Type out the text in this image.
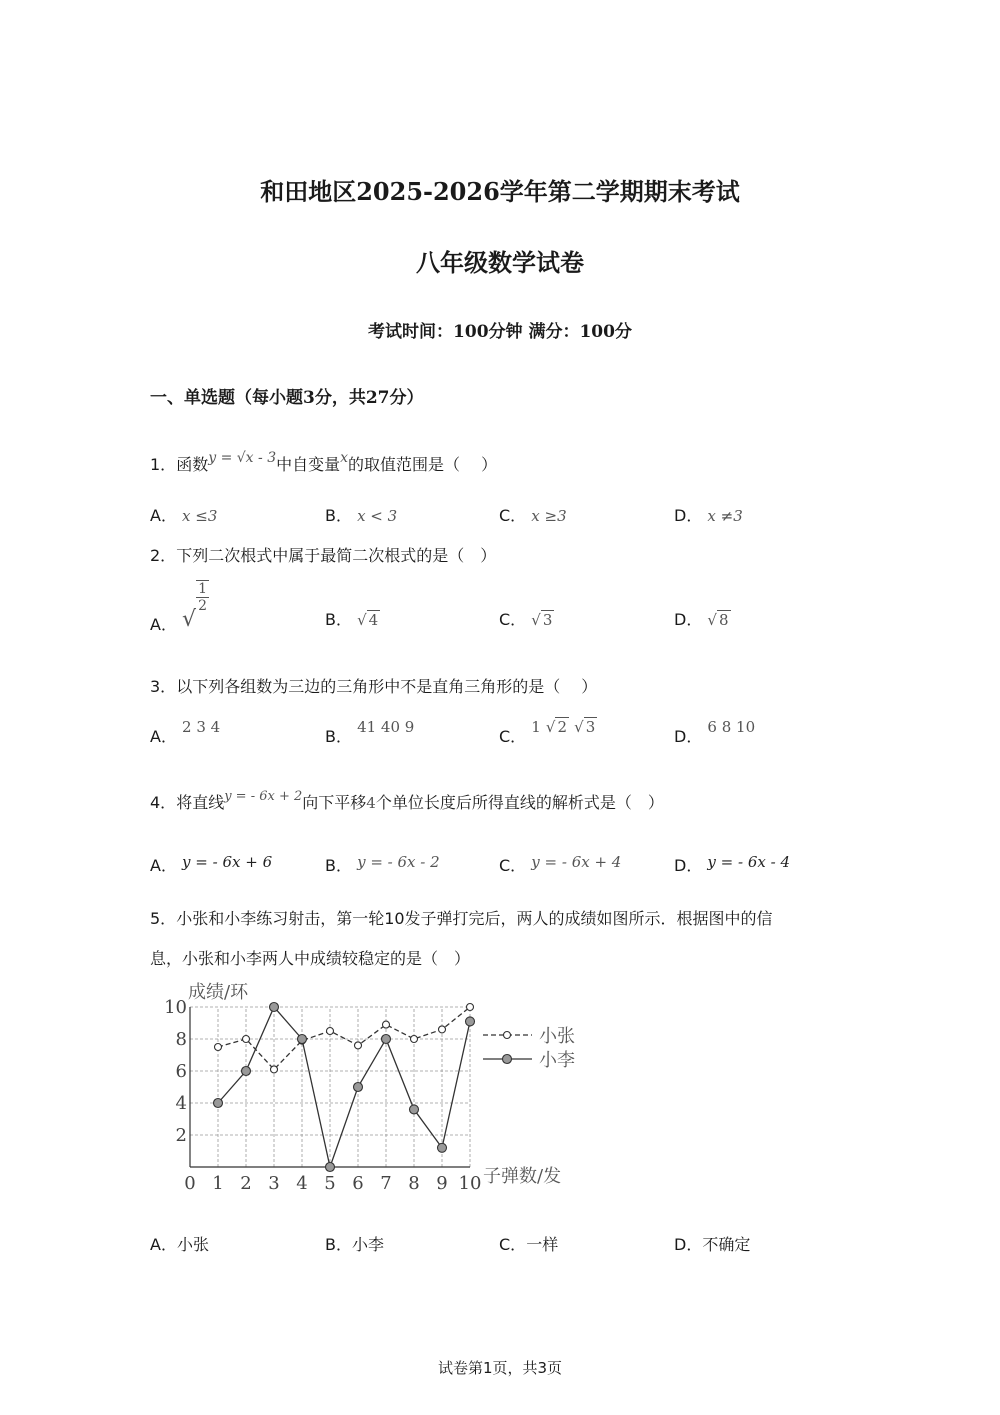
和田地区2025-2026学年第二学期期末考试
八年级数学试卷
考试时间：100分钟 满分：100分
一、单选题（每小题3分，共27分）
1．函数y = √x - 3中自变量x的取值范围是（　 ）
A． x ≤3	B． x < 3	C． x ≥3	D． x ≠3
2．下列二次根式中属于最简二次根式的是（　）
A． √
$\frac{1}{2}$
B． √ 4	C． √ 3	D． √ 8
3．以下列各组数为三边的三角形中不是直角三角形的是（　 ）
A． 2 3 4	B． 41 40 9	C． 1 √ 2 √ 3	D． 6 8 10
4．将直线$^{y = - 6x + 2}$向下平移4个单位长度后所得直线的解析式是（　）
A． y = - 6x + 6	B． y = - 6x - 2	C． y = - 6x + 4	D． y = - 6x - 4
5．小张和小李练习射击，第一轮10发子弹打完后，两人的成绩如图所示．根据图中的信
息，小张和小李两人中成绩较稳定的是（　）
0 1 2 3 4 5 6 7 8 9 10
2
4
6
8
10
小张
小李
成绩/环
子弹数/发
A．小张	B．小李	C．一样	D．不确定
试卷第1页，共3页
